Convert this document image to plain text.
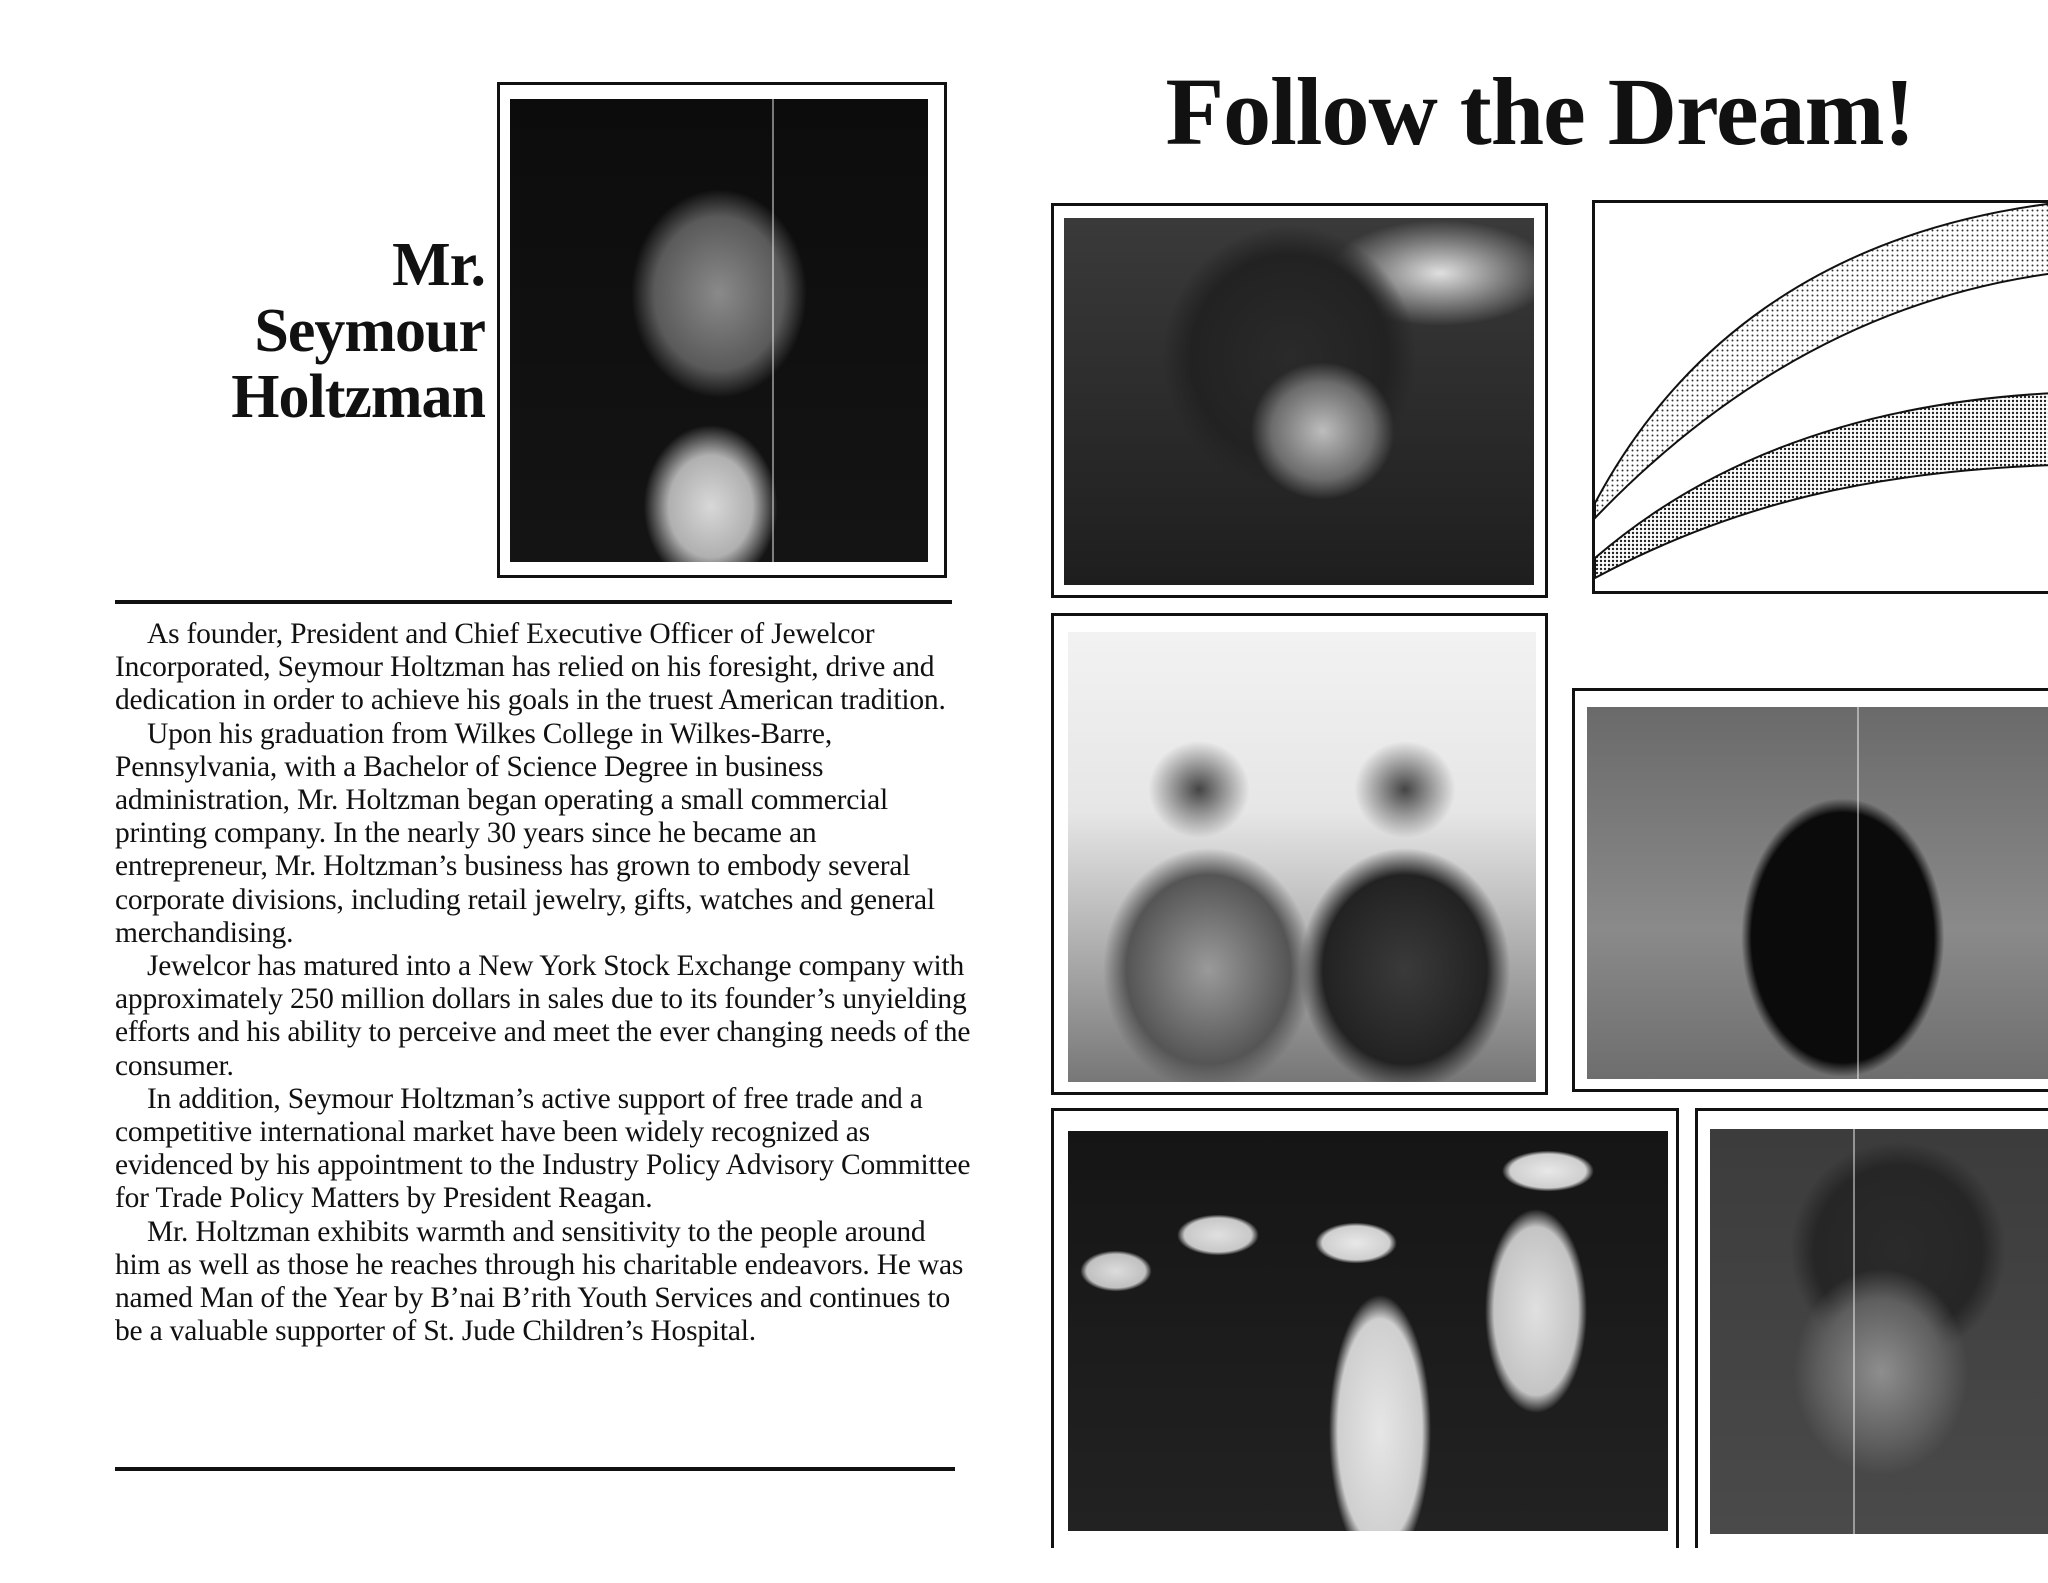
Mr.
Seymour
Holtzman

As founder, President and Chief Executive Officer of Jewelcor Incorporated, Seymour Holtzman has relied on his foresight, drive and dedication in order to achieve his goals in the truest American tradition.

Upon his graduation from Wilkes College in Wilkes-Barre, Pennsylvania, with a Bachelor of Science Degree in business administration, Mr. Holtzman began operating a small commercial printing company. In the nearly 30 years since he became an entrepreneur, Mr. Holtzman’s business has grown to embody several corporate divisions, including retail jewelry, gifts, watches and general merchandising.

Jewelcor has matured into a New York Stock Exchange company with approximately 250 million dollars in sales due to its founder’s unyielding efforts and his ability to perceive and meet the ever changing needs of the consumer.

In addition, Seymour Holtzman’s active support of free trade and a competitive international market have been widely recognized as evidenced by his appointment to the Industry Policy Advisory Committee for Trade Policy Matters by President Reagan.

Mr. Holtzman exhibits warmth and sensitivity to the people around him as well as those he reaches through his charitable endeavors. He was named Man of the Year by B’nai B’rith Youth Services and continues to be a valuable supporter of St. Jude Children’s Hospital.

Follow the Dream!
